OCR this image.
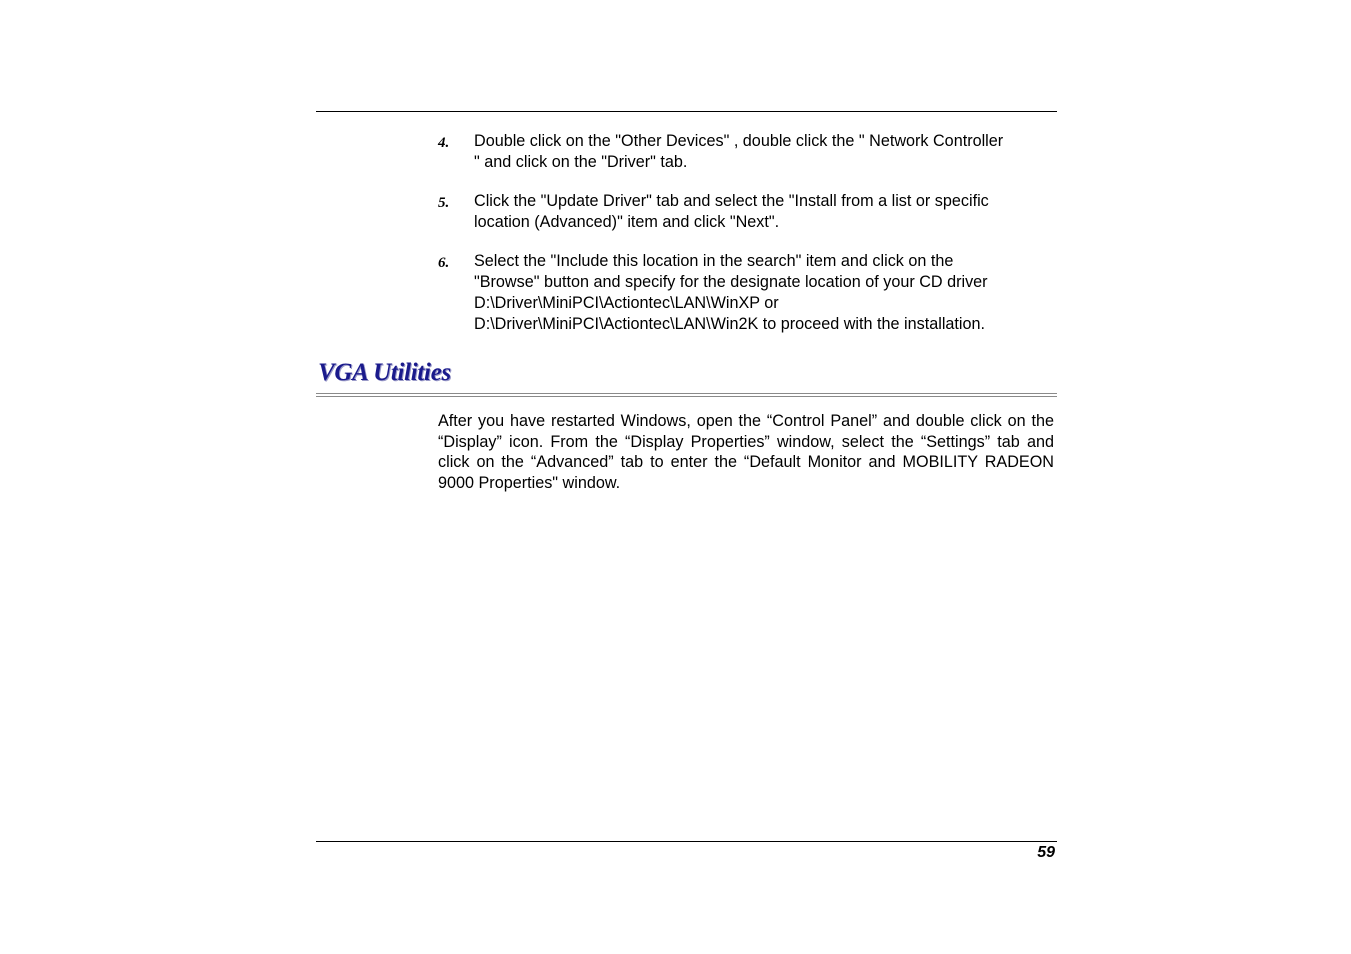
4.	Double click on the "Other Devices" , double click the " Network Controller
" and click on the "Driver" tab.
5.	Click the "Update Driver" tab and select the "Install from a list or specific
location (Advanced)" item and click "Next".
6.	Select the "Include this location in the search" item and click on the
"Browse" button and specify for the designate location of your CD driver
D:\Driver\MiniPCI\Actiontec\LAN\WinXP or
D:\Driver\MiniPCI\Actiontec\LAN\Win2K to proceed with the installation.
VGA Utilities

After you have restarted Windows, open the “Control Panel” and double click on the “Display” icon. From the “Display Properties” window, select the “Settings” tab and click on the “Advanced” tab to enter the “Default Monitor and MOBILITY RADEON 9000 Properties" window.

59
